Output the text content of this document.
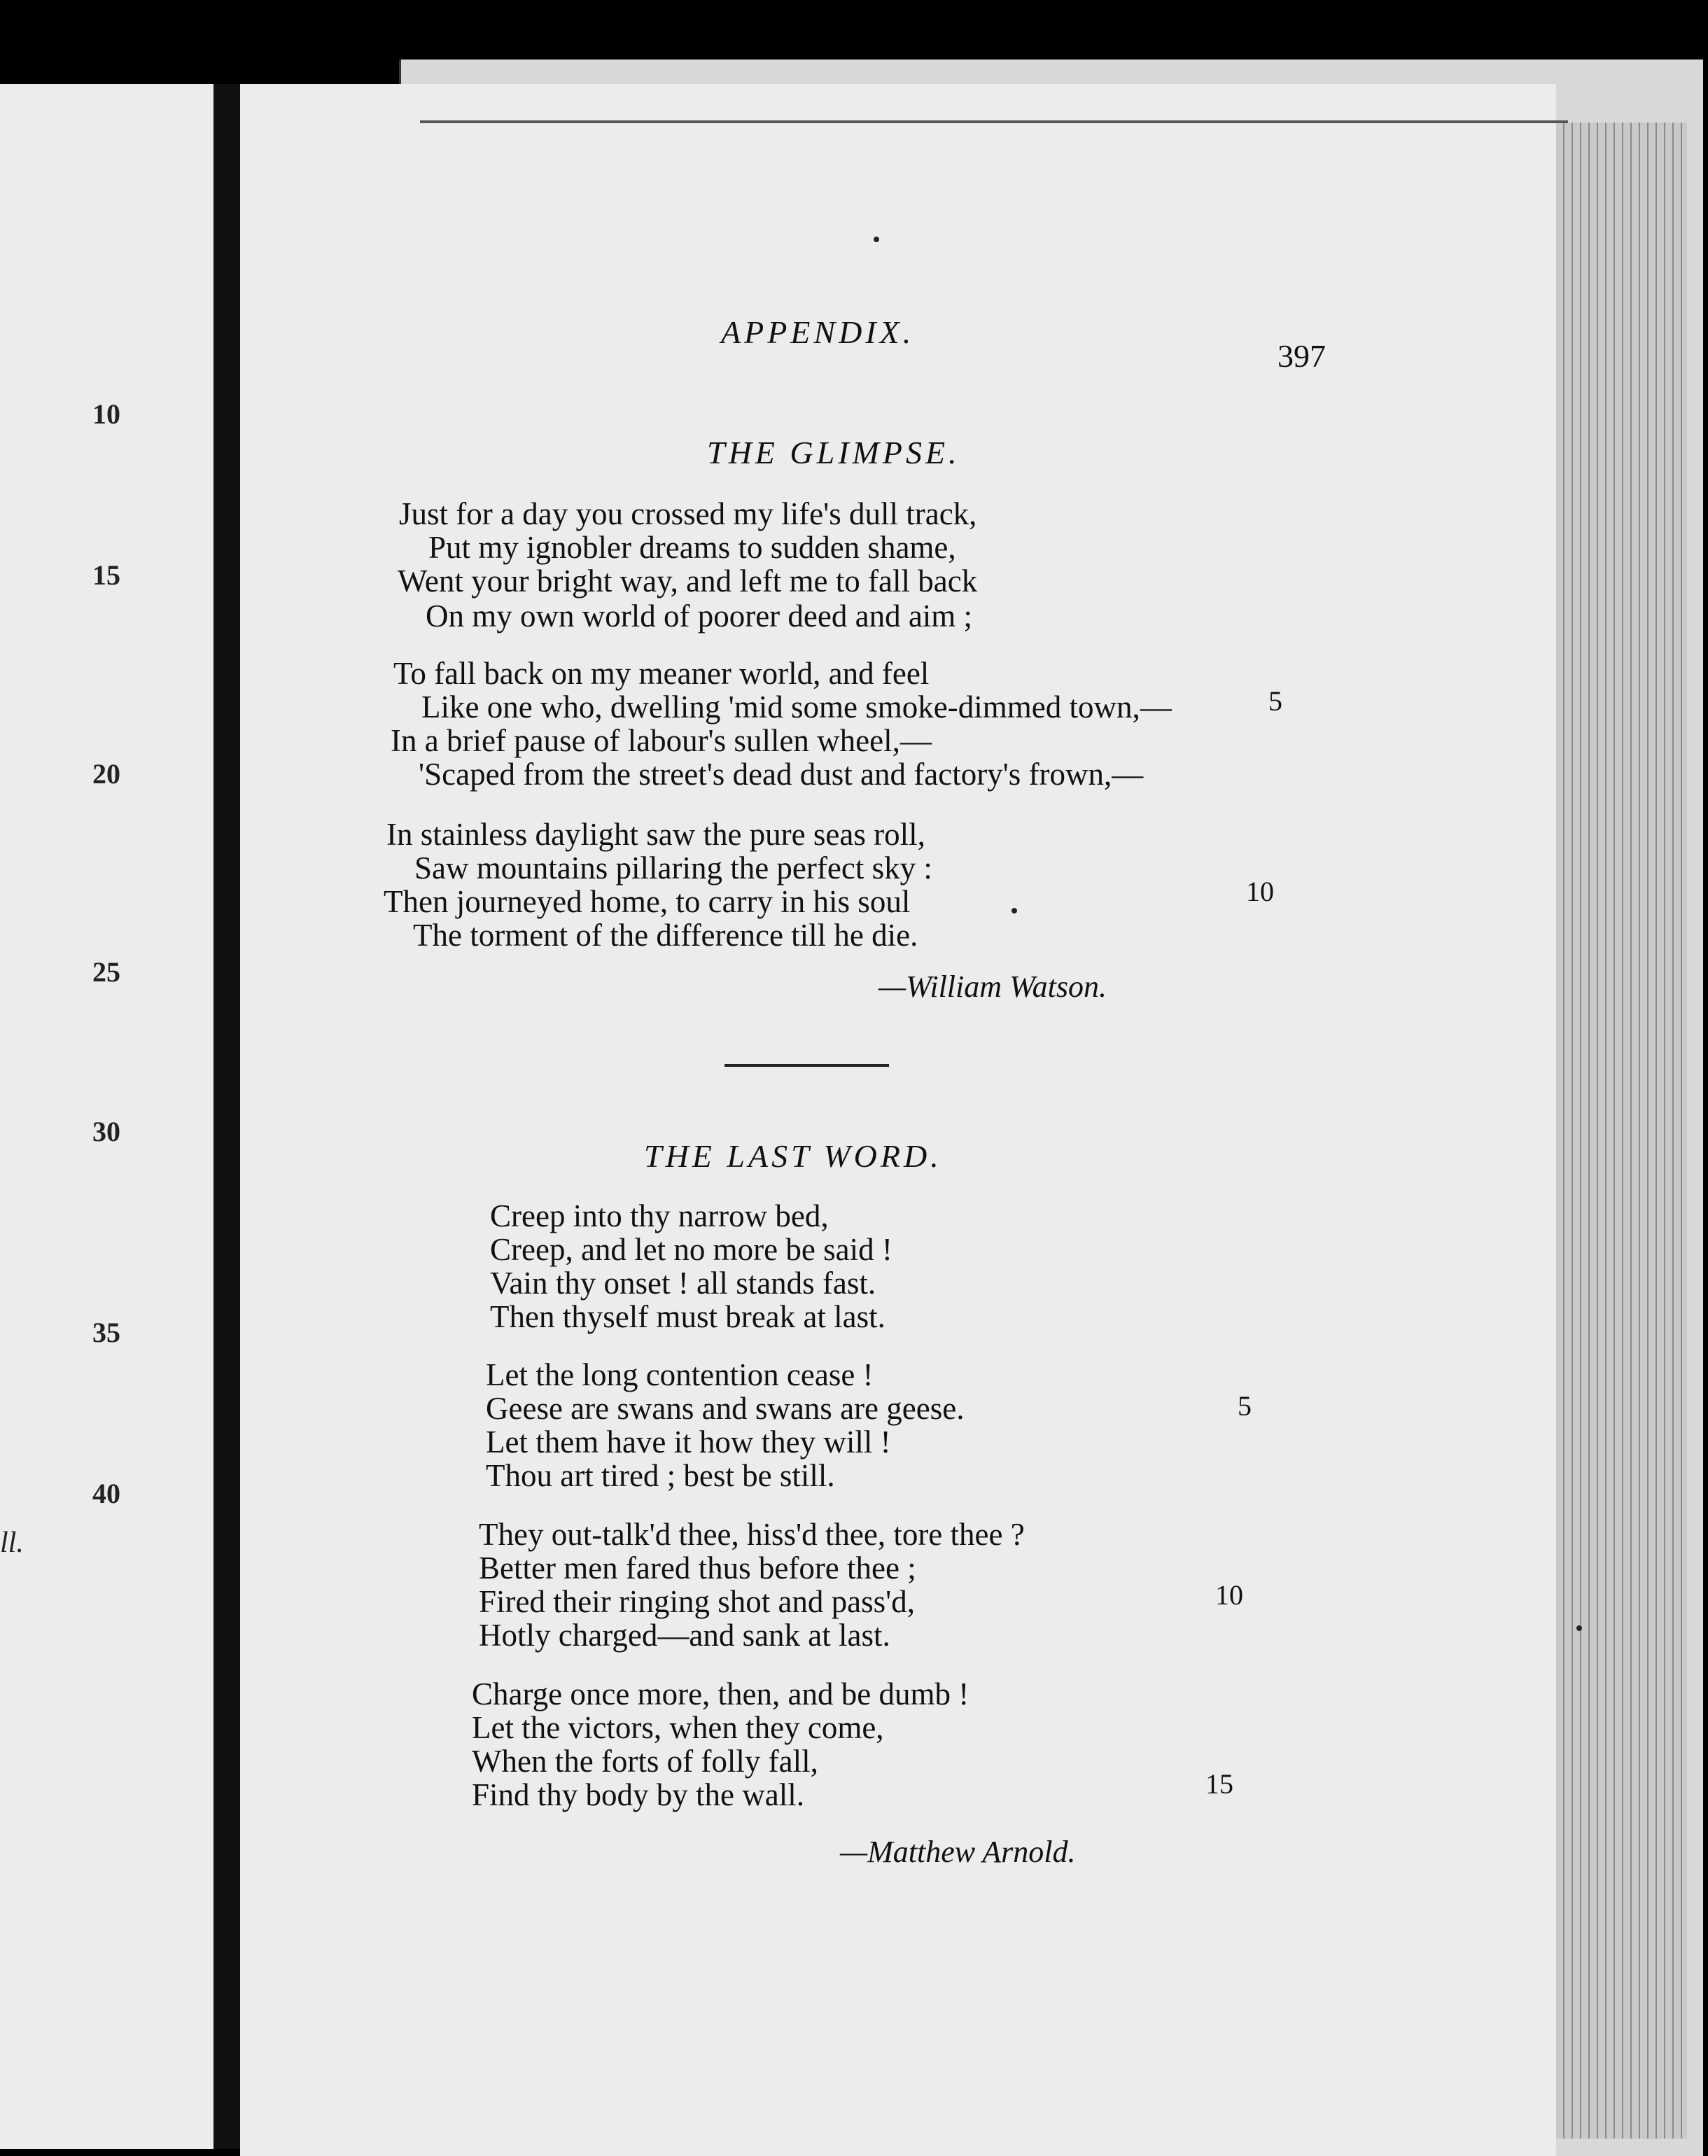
10
15
20
25
30
35
40
ll.
APPENDIX.
397
THE GLIMPSE.
Just for a day you crossed my life's dull track,
Put my ignobler dreams to sudden shame,
Went your bright way, and left me to fall back
On my own world of poorer deed and aim ;
To fall back on my meaner world, and feel
Like one who, dwelling 'mid some smoke-dimmed town,—
In a brief pause of labour's sullen wheel,—
'Scaped from the street's dead dust and factory's frown,—
In stainless daylight saw the pure seas roll,
Saw mountains pillaring the perfect sky :
Then journeyed home, to carry in his soul
The torment of the difference till he die.
5
10
—William Watson.
THE LAST WORD.
Creep into thy narrow bed,
Creep, and let no more be said !
Vain thy onset ! all stands fast.
Then thyself must break at last.
Let the long contention cease !
Geese are swans and swans are geese.
Let them have it how they will !
Thou art tired ; best be still.
They out-talk'd thee, hiss'd thee, tore thee ?
Better men fared thus before thee ;
Fired their ringing shot and pass'd,
Hotly charged—and sank at last.
Charge once more, then, and be dumb !
Let the victors, when they come,
When the forts of folly fall,
Find thy body by the wall.
5
10
15
—Matthew Arnold.
